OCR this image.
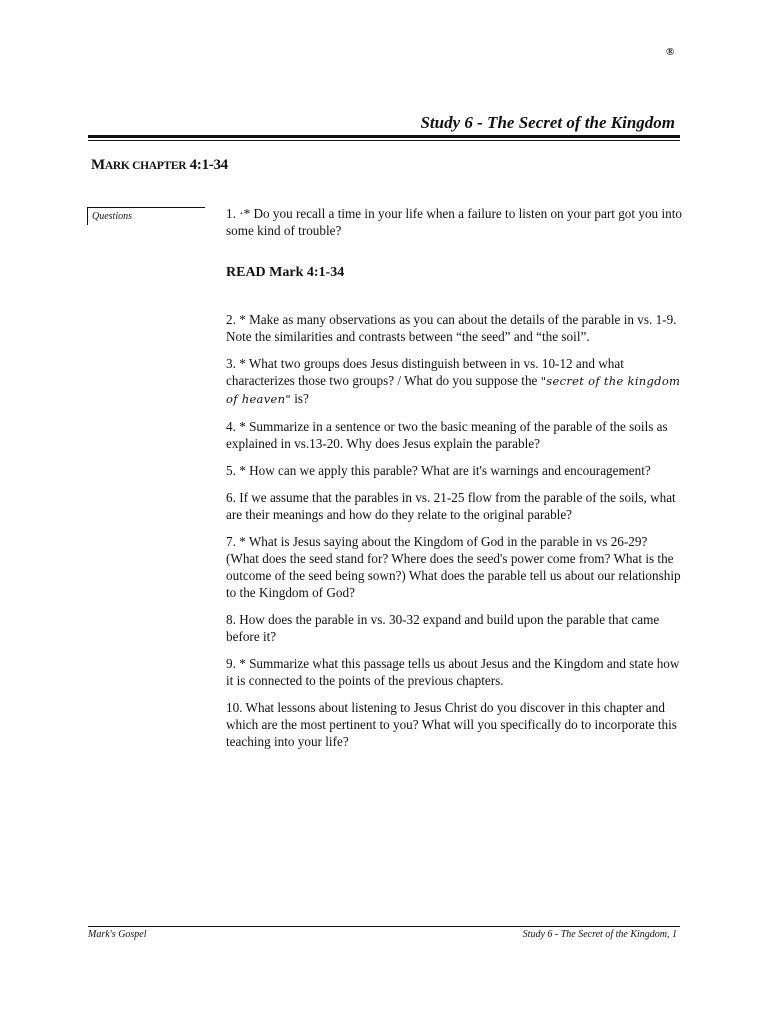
®
Study 6 - The Secret of the Kingdom
MARK CHAPTER 4:1-34
Questions	1. ·* Do you recall a time in your life when a failure to listen on your part got you into some kind of trouble?

READ Mark 4:1-34

2. * Make as many observations as you can about the details of the parable in vs. 1-9. Note the similarities and contrasts between “the seed” and “the soil”.

3. * What two groups does Jesus distinguish between in vs. 10-12 and what characterizes those two groups? / What do you suppose the "secret of the kingdom of heaven" is?

4. * Summarize in a sentence or two the basic meaning of the parable of the soils as explained in vs.13-20. Why does Jesus explain the parable?

5. * How can we apply this parable? What are it's warnings and encouragement?

6. If we assume that the parables in vs. 21-25 flow from the parable of the soils, what are their meanings and how do they relate to the original parable?

7. * What is Jesus saying about the Kingdom of God in the parable in vs 26-29? (What does the seed stand for? Where does the seed's power come from? What is the outcome of the seed being sown?) What does the parable tell us about our relationship to the Kingdom of God?

8. How does the parable in vs. 30-32 expand and build upon the parable that came before it?

9. * Summarize what this passage tells us about Jesus and the Kingdom and state how it is connected to the points of the previous chapters.

10. What lessons about listening to Jesus Christ do you discover in this chapter and which are the most pertinent to you? What will you specifically do to incorporate this teaching into your life?

Mark's Gospel	Study 6 - The Secret of the Kingdom, 1
